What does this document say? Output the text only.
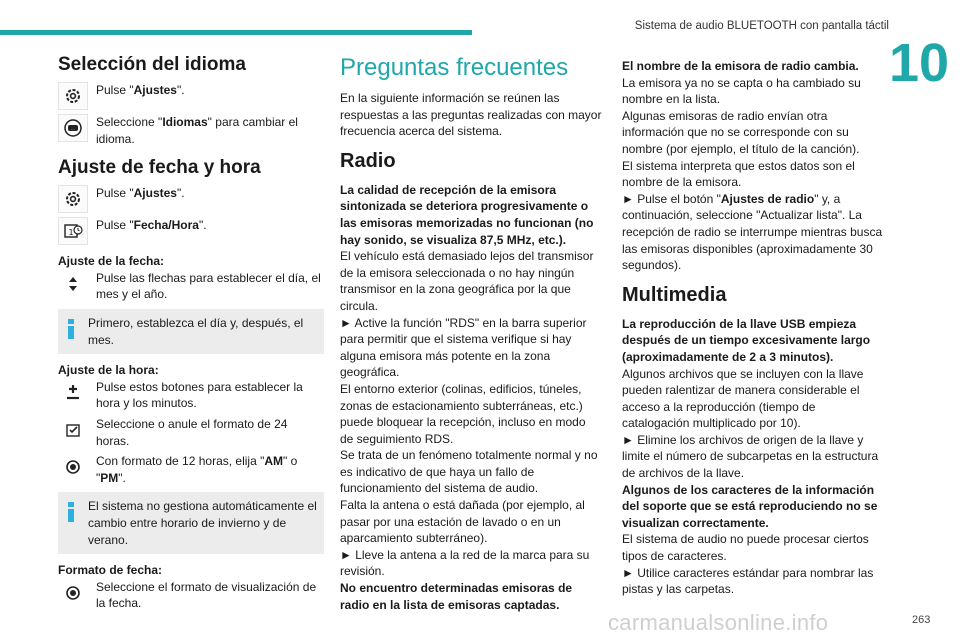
Sistema de audio BLUETOOTH con pantalla táctil
10
Selección del idioma
Pulse "Ajustes".
... Seleccione "Idiomas" para cambiar el idioma.
Ajuste de fecha y hora
Pulse "Ajustes".
1
Pulse "Fecha/Hora".

Ajuste de la fecha:

Pulse las flechas para establecer el día, el mes y el año.
Primero, establezca el día y, después, el mes.

Ajuste de la hora:

Pulse estos botones para establecer la hora y los minutos.
Seleccione o anule el formato de 24 horas.
Con formato de 12 horas, elija "AM" o "PM".
El sistema no gestiona automáticamente el cambio entre horario de invierno y de verano.

Formato de fecha:

Seleccione el formato de visualización de la fecha.
Preguntas frecuentes

En la siguiente información se reúnen las respuestas a las preguntas realizadas con mayor frecuencia acerca del sistema.

Radio

La calidad de recepción de la emisora sintonizada se deteriora progresivamente o las emisoras memorizadas no funcionan (no hay sonido, se visualiza 87,5 MHz, etc.).

El vehículo está demasiado lejos del transmisor de la emisora seleccionada o no hay ningún transmisor en la zona geográfica por la que circula.

► Active la función "RDS" en la barra superior para permitir que el sistema verifique si hay alguna emisora más potente en la zona geográfica.

El entorno exterior (colinas, edificios, túneles, zonas de estacionamiento subterráneas, etc.) puede bloquear la recepción, incluso en modo de seguimiento RDS.

Se trata de un fenómeno totalmente normal y no es indicativo de que haya un fallo de funcionamiento del sistema de audio.

Falta la antena o está dañada (por ejemplo, al pasar por una estación de lavado o en un aparcamiento subterráneo).

► Lleve la antena a la red de la marca para su revisión.

No encuentro determinadas emisoras de radio en la lista de emisoras captadas.

El nombre de la emisora de radio cambia.

La emisora ya no se capta o ha cambiado su nombre en la lista.

Algunas emisoras de radio envían otra información que no se corresponde con su nombre (por ejemplo, el título de la canción).

El sistema interpreta que estos datos son el nombre de la emisora.

► Pulse el botón "Ajustes de radio" y, a continuación, seleccione "Actualizar lista". La recepción de radio se interrumpe mientras busca las emisoras disponibles (aproximadamente 30 segundos).

Multimedia

La reproducción de la llave USB empieza después de un tiempo excesivamente largo (aproximadamente de 2 a 3 minutos).

Algunos archivos que se incluyen con la llave pueden ralentizar de manera considerable el acceso a la reproducción (tiempo de catalogación multiplicado por 10).

► Elimine los archivos de origen de la llave y limite el número de subcarpetas en la estructura de archivos de la llave.

Algunos de los caracteres de la información del soporte que se está reproduciendo no se visualizan correctamente.

El sistema de audio no puede procesar ciertos tipos de caracteres.

► Utilice caracteres estándar para nombrar las pistas y las carpetas.

carmanualsonline.info	263
